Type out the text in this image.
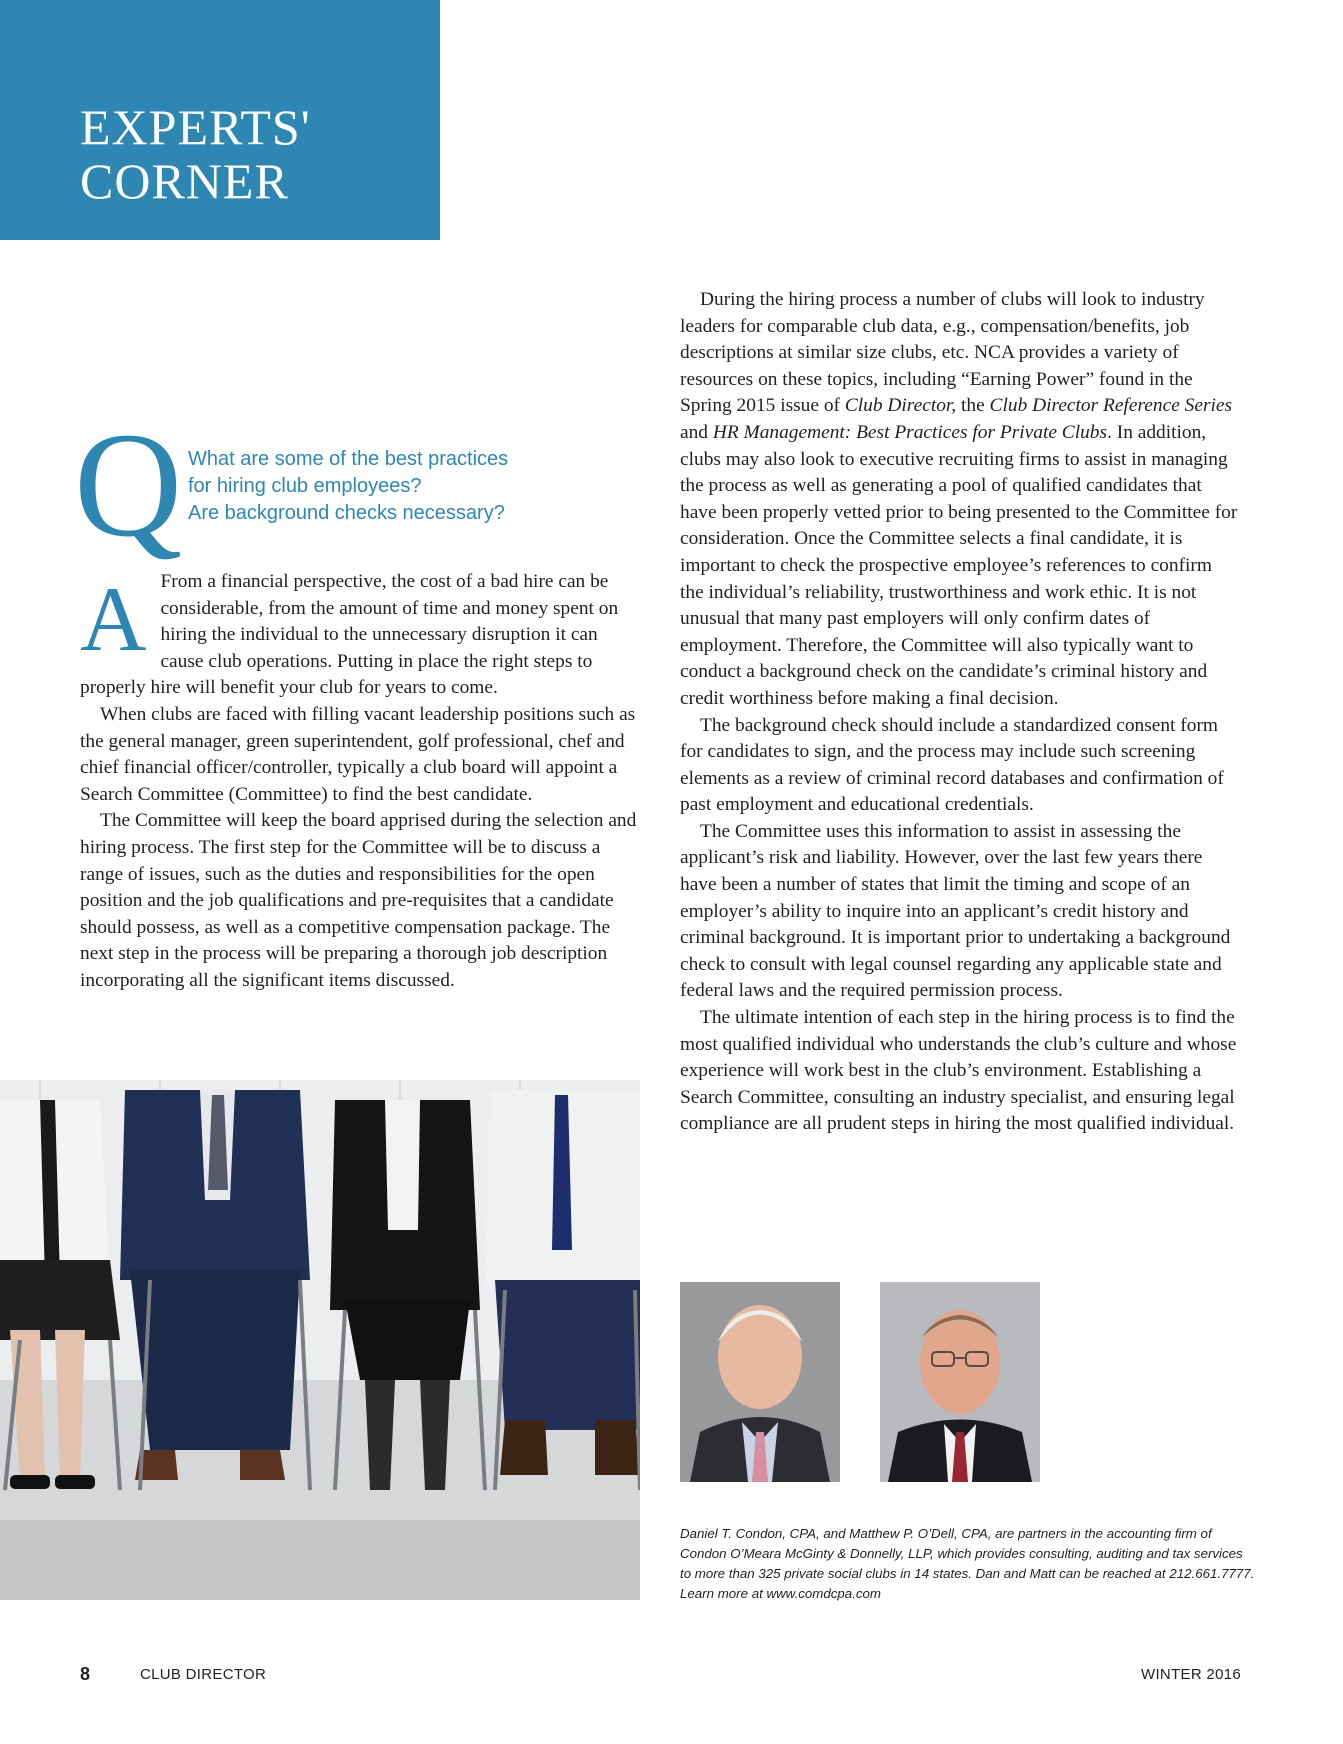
EXPERTS'
CORNER
Q What are some of the best practices
for hiring club employees?
Are background checks necessary?

A From a financial perspective, the cost of a bad hire can be considerable, from the amount of time and money spent on hiring the individual to the unnecessary disruption it can cause club operations. Putting in place the right steps to properly hire will benefit your club for years to come.

When clubs are faced with filling vacant leadership positions such as the general manager, green superintendent, golf professional, chef and chief financial officer/controller, typically a club board will appoint a Search Committee (Committee) to find the best candidate.

The Committee will keep the board apprised during the selection and hiring process. The first step for the Committee will be to discuss a range of issues, such as the duties and responsibilities for the open position and the job qualifications and pre-requisites that a candidate should possess, as well as a competitive compensation package. The next step in the process will be preparing a thorough job description incorporating all the significant items discussed.

During the hiring process a number of clubs will look to industry leaders for comparable club data, e.g., compensation/benefits, job descriptions at similar size clubs, etc. NCA provides a variety of resources on these topics, including “Earning Power” found in the Spring 2015 issue of Club Director, the Club Director Reference Series and HR Management: Best Practices for Private Clubs. In addition, clubs may also look to executive recruiting firms to assist in managing the process as well as generating a pool of qualified candidates that have been properly vetted prior to being presented to the Committee for consideration. Once the Committee selects a final candidate, it is important to check the prospective employee’s references to confirm the individual’s reliability, trustworthiness and work ethic. It is not unusual that many past employers will only confirm dates of employment. Therefore, the Committee will also typically want to conduct a background check on the candidate’s criminal history and credit worthiness before making a final decision.

The background check should include a standardized consent form for candidates to sign, and the process may include such screening elements as a review of criminal record databases and confirmation of past employment and educational credentials.

The Committee uses this information to assist in assessing the applicant’s risk and liability. However, over the last few years there have been a number of states that limit the timing and scope of an employer’s ability to inquire into an applicant’s credit history and criminal background. It is important prior to undertaking a background check to consult with legal counsel regarding any applicable state and federal laws and the required permission process.

The ultimate intention of each step in the hiring process is to find the most qualified individual who understands the club’s culture and whose experience will work best in the club’s environment. Establishing a Search Committee, consulting an industry specialist, and ensuring legal compliance are all prudent steps in hiring the most qualified individual.

Daniel T. Condon, CPA, and Matthew P. O’Dell, CPA, are partners in the accounting firm of
Condon O’Meara McGinty & Donnelly, LLP, which provides consulting, auditing and tax services
to more than 325 private social clubs in 14 states. Dan and Matt can be reached at 212.661.7777.
Learn more at www.comdcpa.com
8	CLUB DIRECTOR	WINTER 2016
